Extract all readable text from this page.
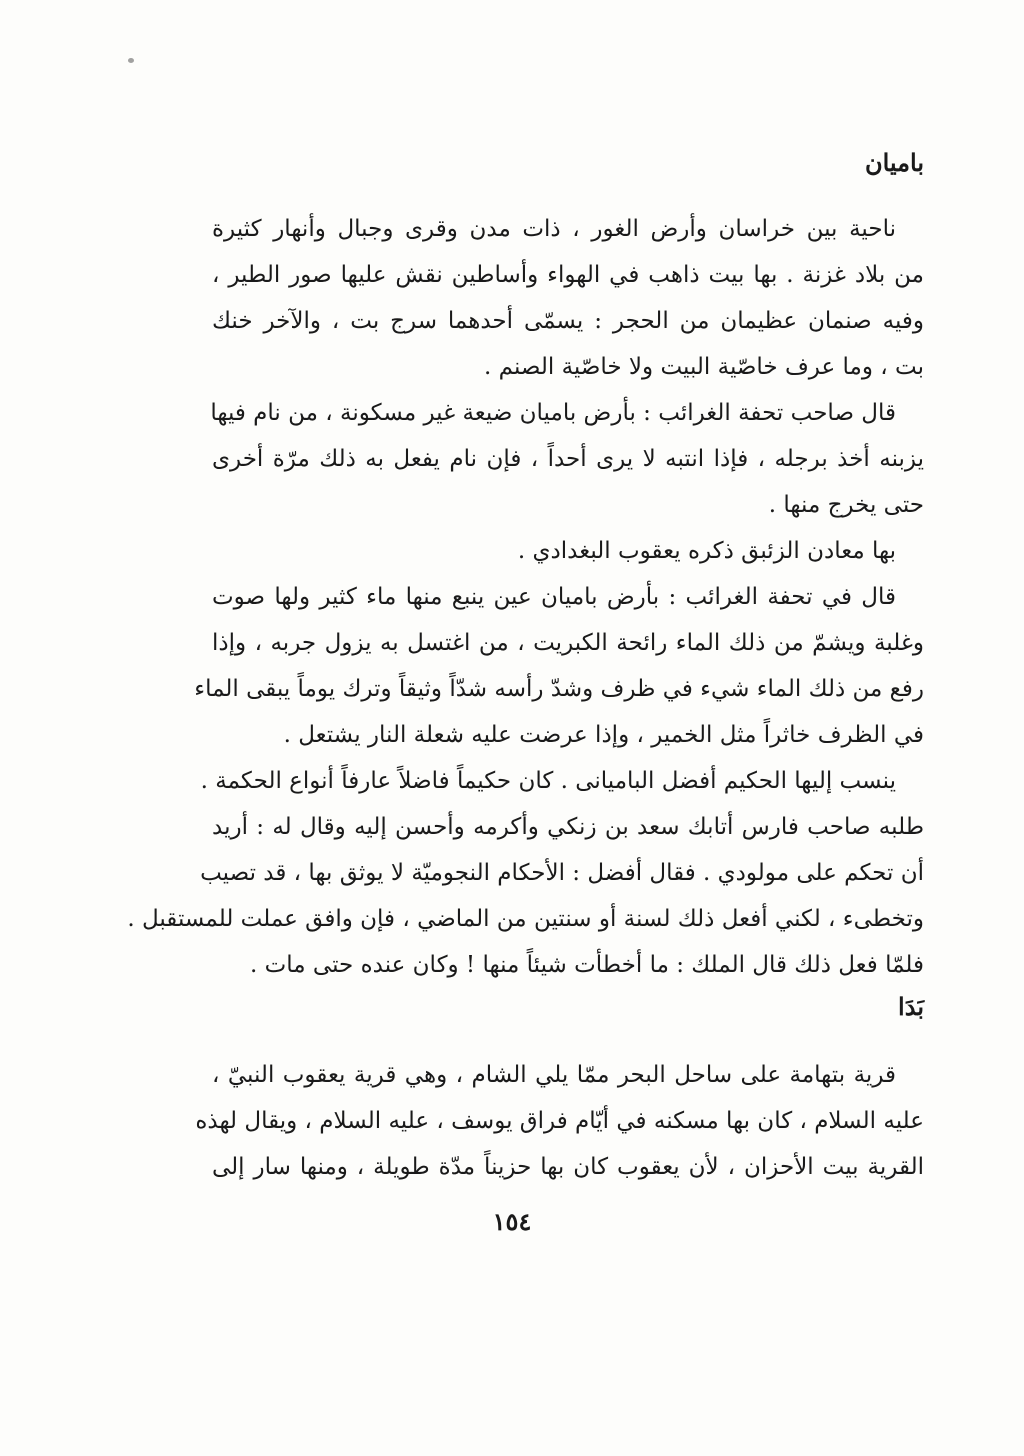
باميان

ناحية بين خراسان وأرض الغور ، ذات مدن وقرى وجبال وأنهار كثيرة

من بلاد غزنة . بها بيت ذاهب في الهواء وأساطين نقش عليها صور الطير ،

وفيه صنمان عظيمان من الحجر : يسمّى أحدهما سرج بت ، والآخر خنك

بت ، وما عرف خاصّية البيت ولا خاصّية الصنم .

قال صاحب تحفة الغرائب : بأرض باميان ضيعة غير مسكونة ، من نام فيها

يزبنه أخذ برجله ، فإذا انتبه لا يرى أحداً ، فإن نام يفعل به ذلك مرّة أخرى

حتى يخرج منها .

بها معادن الزئبق ذكره يعقوب البغدادي .

قال في تحفة الغرائب : بأرض باميان عين ينبع منها ماء كثير ولها صوت

وغلبة ويشمّ من ذلك الماء رائحة الكبريت ، من اغتسل به يزول جربه ، وإذا

رفع من ذلك الماء شيء في ظرف وشدّ رأسه شدّاً وثيقاً وترك يوماً يبقى الماء

في الظرف خاثراً مثل الخمير ، وإذا عرضت عليه شعلة النار يشتعل .

ينسب إليها الحكيم أفضل الباميانى . كان حكيماً فاضلاً عارفاً أنواع الحكمة .

طلبه صاحب فارس أتابك سعد بن زنكي وأكرمه وأحسن إليه وقال له : أريد

أن تحكم على مولودي . فقال أفضل : الأحكام النجوميّة لا يوثق بها ، قد تصيب

وتخطىء ، لكني أفعل ذلك لسنة أو سنتين من الماضي ، فإن وافق عملت للمستقبل .

فلمّا فعل ذلك قال الملك : ما أخطأت شيئاً منها ! وكان عنده حتى مات .

بَدَا

قرية بتهامة على ساحل البحر ممّا يلي الشام ، وهي قرية يعقوب النبيّ ،

عليه السلام ، كان بها مسكنه في أيّام فراق يوسف ، عليه السلام ، ويقال لهذه

القرية بيت الأحزان ، لأن يعقوب كان بها حزيناً مدّة طويلة ، ومنها سار إلى

١٥٤
